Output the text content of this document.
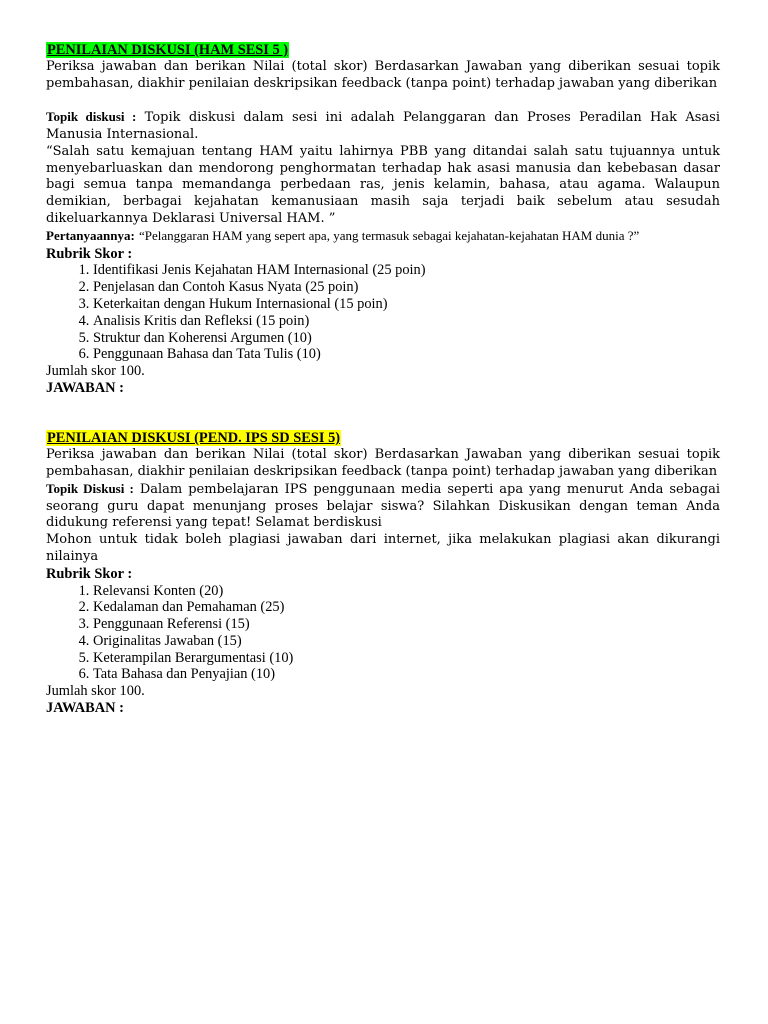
PENILAIAN DISKUSI (HAM SESI 5 )

Periksa jawaban dan berikan Nilai (total skor) Berdasarkan Jawaban yang diberikan sesuai topik pembahasan, diakhir penilaian deskripsikan feedback (tanpa point) terhadap jawaban yang diberikan

Topik diskusi : Topik diskusi dalam sesi ini adalah Pelanggaran dan Proses Peradilan Hak Asasi Manusia Internasional.

“Salah satu kemajuan tentang HAM yaitu lahirnya PBB yang ditandai salah satu tujuannya untuk menyebarluaskan dan mendorong penghormatan terhadap hak asasi manusia dan kebebasan dasar bagi semua tanpa memandanga perbedaan ras, jenis kelamin, bahasa, atau agama. Walaupun demikian, berbagai kejahatan kemanusiaan masih saja terjadi baik sebelum atau sesudah dikeluarkannya Deklarasi Universal HAM. ”

Pertanyaannya: “Pelanggaran HAM yang sepert apa, yang termasuk sebagai kejahatan-kejahatan HAM dunia ?”

Rubrik Skor :
1. Identifikasi Jenis Kejahatan HAM Internasional (25 poin)
2. Penjelasan dan Contoh Kasus Nyata (25 poin)
3. Keterkaitan dengan Hukum Internasional (15 poin)
4. Analisis Kritis dan Refleksi (15 poin)
5. Struktur dan Koherensi Argumen (10)
6. Penggunaan Bahasa dan Tata Tulis (10)
Jumlah skor 100.
JAWABAN :
PENILAIAN DISKUSI (PEND. IPS SD SESI 5)

Periksa jawaban dan berikan Nilai (total skor) Berdasarkan Jawaban yang diberikan sesuai topik pembahasan, diakhir penilaian deskripsikan feedback (tanpa point) terhadap jawaban yang diberikan

Topik Diskusi : Dalam pembelajaran IPS penggunaan media seperti apa yang menurut Anda sebagai seorang guru dapat menunjang proses belajar siswa? Silahkan Diskusikan dengan teman Anda didukung referensi yang tepat! Selamat berdiskusi

Mohon untuk tidak boleh plagiasi jawaban dari internet, jika melakukan plagiasi akan dikurangi nilainya

Rubrik Skor :
1. Relevansi Konten (20)
2. Kedalaman dan Pemahaman (25)
3. Penggunaan Referensi (15)
4. Originalitas Jawaban (15)
5. Keterampilan Berargumentasi (10)
6. Tata Bahasa dan Penyajian (10)
Jumlah skor 100.
JAWABAN :
